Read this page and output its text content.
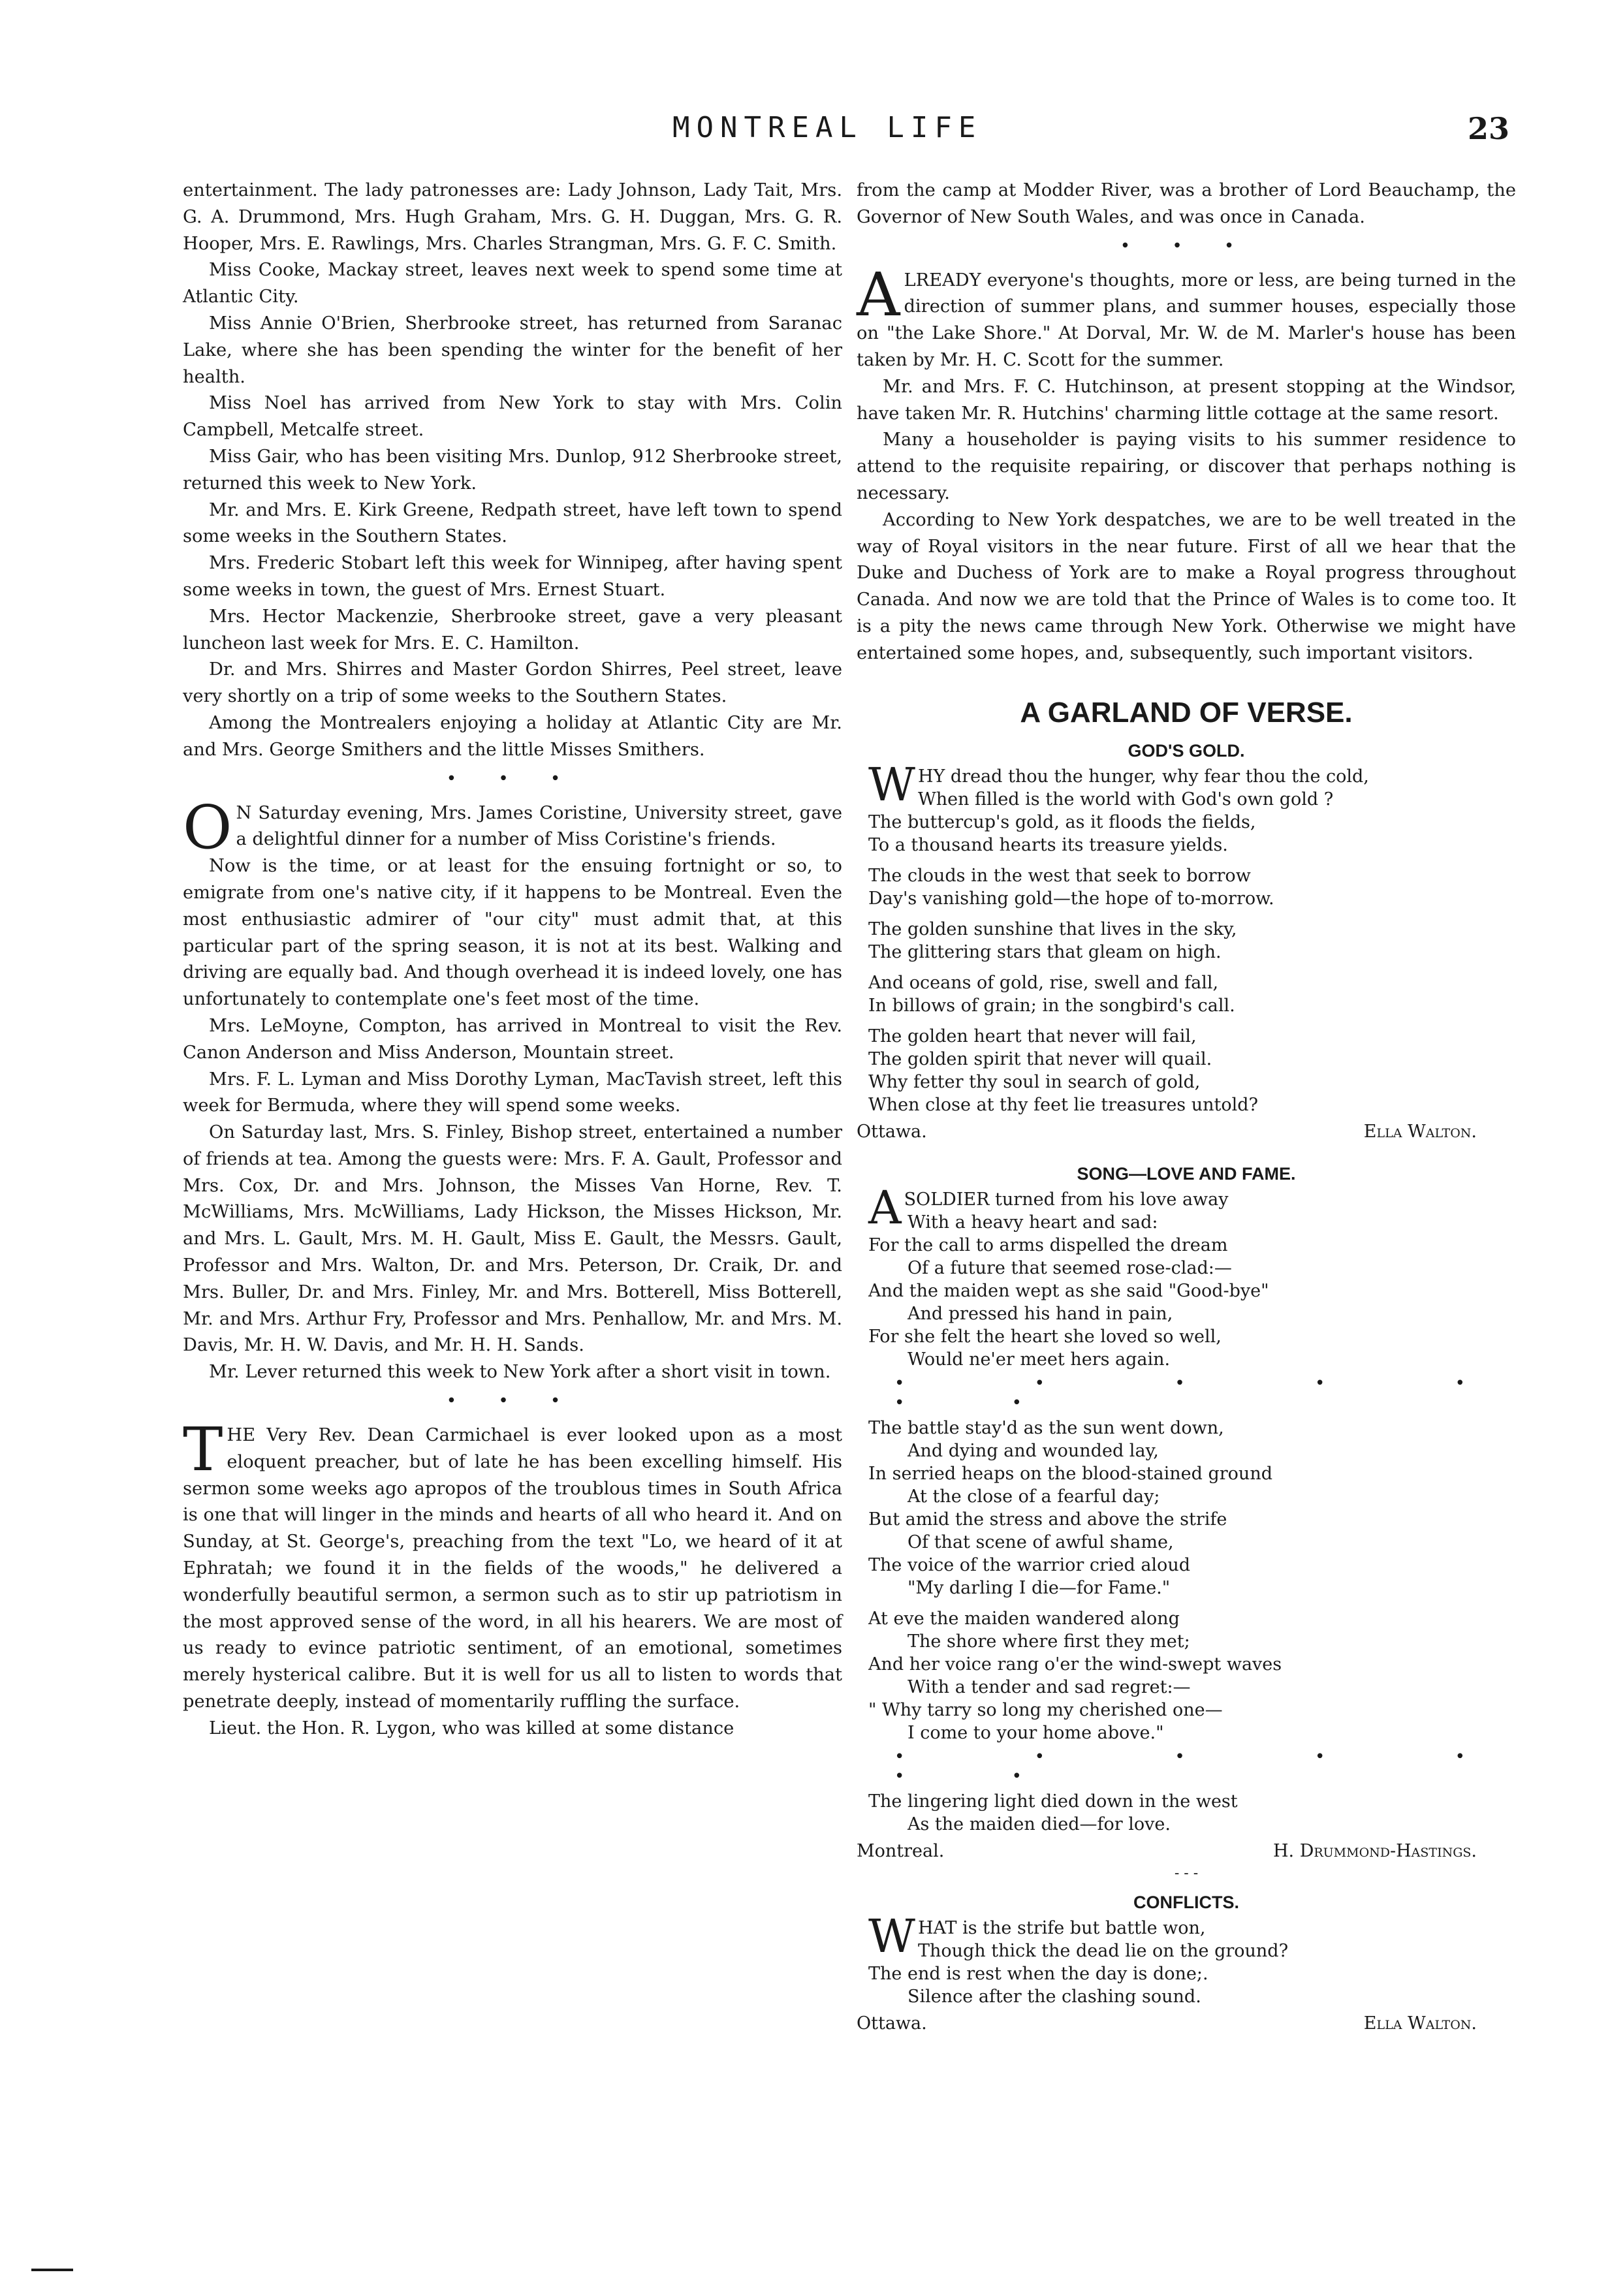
MONTREAL LIFE	23

entertainment. The lady patronesses are: Lady Johnson, Lady Tait, Mrs. G. A. Drummond, Mrs. Hugh Graham, Mrs. G. H. Duggan, Mrs. G. R. Hooper, Mrs. E. Rawlings, Mrs. Charles Strangman, Mrs. G. F. C. Smith.

Miss Cooke, Mackay street, leaves next week to spend some time at Atlantic City.

Miss Annie O'Brien, Sherbrooke street, has returned from Saranac Lake, where she has been spending the winter for the benefit of her health.

Miss Noel has arrived from New York to stay with Mrs. Colin Campbell, Metcalfe street.

Miss Gair, who has been visiting Mrs. Dunlop, 912 Sherbrooke street, returned this week to New York.

Mr. and Mrs. E. Kirk Greene, Redpath street, have left town to spend some weeks in the Southern States.

Mrs. Frederic Stobart left this week for Winnipeg, after having spent some weeks in town, the guest of Mrs. Ernest Stuart.

Mrs. Hector Mackenzie, Sherbrooke street, gave a very pleasant luncheon last week for Mrs. E. C. Hamilton.

Dr. and Mrs. Shirres and Master Gordon Shirres, Peel street, leave very shortly on a trip of some weeks to the Southern States.

Among the Montrealers enjoying a holiday at Atlantic City are Mr. and Mrs. George Smithers and the little Misses Smithers.

• • •

O N Saturday evening, Mrs. James Coristine, University street, gave a delightful dinner for a number of Miss Coristine's friends.

Now is the time, or at least for the ensuing fortnight or so, to emigrate from one's native city, if it happens to be Montreal. Even the most enthusiastic admirer of "our city" must admit that, at this particular part of the spring season, it is not at its best. Walking and driving are equally bad. And though overhead it is indeed lovely, one has unfortunately to contemplate one's feet most of the time.

Mrs. LeMoyne, Compton, has arrived in Montreal to visit the Rev. Canon Anderson and Miss Anderson, Mountain street.

Mrs. F. L. Lyman and Miss Dorothy Lyman, MacTavish street, left this week for Bermuda, where they will spend some weeks.

On Saturday last, Mrs. S. Finley, Bishop street, entertained a number of friends at tea. Among the guests were: Mrs. F. A. Gault, Professor and Mrs. Cox, Dr. and Mrs. Johnson, the Misses Van Horne, Rev. T. McWilliams, Mrs. McWilliams, Lady Hickson, the Misses Hickson, Mr. and Mrs. L. Gault, Mrs. M. H. Gault, Miss E. Gault, the Messrs. Gault, Professor and Mrs. Walton, Dr. and Mrs. Peterson, Dr. Craik, Dr. and Mrs. Buller, Dr. and Mrs. Finley, Mr. and Mrs. Botterell, Miss Botterell, Mr. and Mrs. Arthur Fry, Professor and Mrs. Penhallow, Mr. and Mrs. M. Davis, Mr. H. W. Davis, and Mr. H. H. Sands.

Mr. Lever returned this week to New York after a short visit in town.

• • •

THE Very Rev. Dean Carmichael is ever looked upon as a most eloquent preacher, but of late he has been excelling himself. His sermon some weeks ago apropos of the troublous times in South Africa is one that will linger in the minds and hearts of all who heard it. And on Sunday, at St. George's, preaching from the text "Lo, we heard of it at Ephratah; we found it in the fields of the woods," he delivered a wonderfully beautiful sermon, a sermon such as to stir up patriotism in the most approved sense of the word, in all his hearers. We are most of us ready to evince patriotic sentiment, of an emotional, sometimes merely hysterical calibre. But it is well for us all to listen to words that penetrate deeply, instead of momentarily ruffling the surface.

Lieut. the Hon. R. Lygon, who was killed at some distance

from the camp at Modder River, was a brother of Lord Beauchamp, the Governor of New South Wales, and was once in Canada.

• • •

ALREADY everyone's thoughts, more or less, are being turned in the direction of summer plans, and summer houses, especially those on "the Lake Shore." At Dorval, Mr. W. de M. Marler's house has been taken by Mr. H. C. Scott for the summer.

Mr. and Mrs. F. C. Hutchinson, at present stopping at the Windsor, have taken Mr. R. Hutchins' charming little cottage at the same resort.

Many a householder is paying visits to his summer residence to attend to the requisite repairing, or discover that perhaps nothing is necessary.

According to New York despatches, we are to be well treated in the way of Royal visitors in the near future. First of all we hear that the Duke and Duchess of York are to make a Royal progress throughout Canada. And now we are told that the Prince of Wales is to come too. It is a pity the news came through New York. Otherwise we might have entertained some hopes, and, subsequently, such important visitors.

A GARLAND OF VERSE.
GOD'S GOLD.
W HY dread thou the hunger, why fear thou the cold,
When filled is the world with God's own gold ?
The buttercup's gold, as it floods the fields,
To a thousand hearts its treasure yields.
The clouds in the west that seek to borrow
Day's vanishing gold—the hope of to-morrow.
The golden sunshine that lives in the sky,
The glittering stars that gleam on high.
And oceans of gold, rise, swell and fall,
In billows of grain; in the songbird's call.
The golden heart that never will fail,
The golden spirit that never will quail.
Why fetter thy soul in search of gold,
When close at thy feet lie treasures untold?
Ottawa.	Ella Walton.
SONG—LOVE AND FAME.
A SOLDIER turned from his love away
With a heavy heart and sad:
For the call to arms dispelled the dream
Of a future that seemed rose-clad:—
And the maiden wept as she said "Good-bye"
And pressed his hand in pain,
For she felt the heart she loved so well,
Would ne'er meet hers again.
• • • • • • •
The battle stay'd as the sun went down,
And dying and wounded lay,
In serried heaps on the blood-stained ground
At the close of a fearful day;
But amid the stress and above the strife
Of that scene of awful shame,
The voice of the warrior cried aloud
"My darling I die—for Fame."
At eve the maiden wandered along
The shore where first they met;
And her voice rang o'er the wind-swept waves
With a tender and sad regret:—
" Why tarry so long my cherished one—
I come to your home above."
• • • • • • •
The lingering light died down in the west
As the maiden died—for love.
Montreal.	H. Drummond-Hastings.
- - -
CONFLICTS.
W HAT is the strife but battle won,
Though thick the dead lie on the ground?
The end is rest when the day is done;.
Silence after the clashing sound.
Ottawa.	Ella Walton.
